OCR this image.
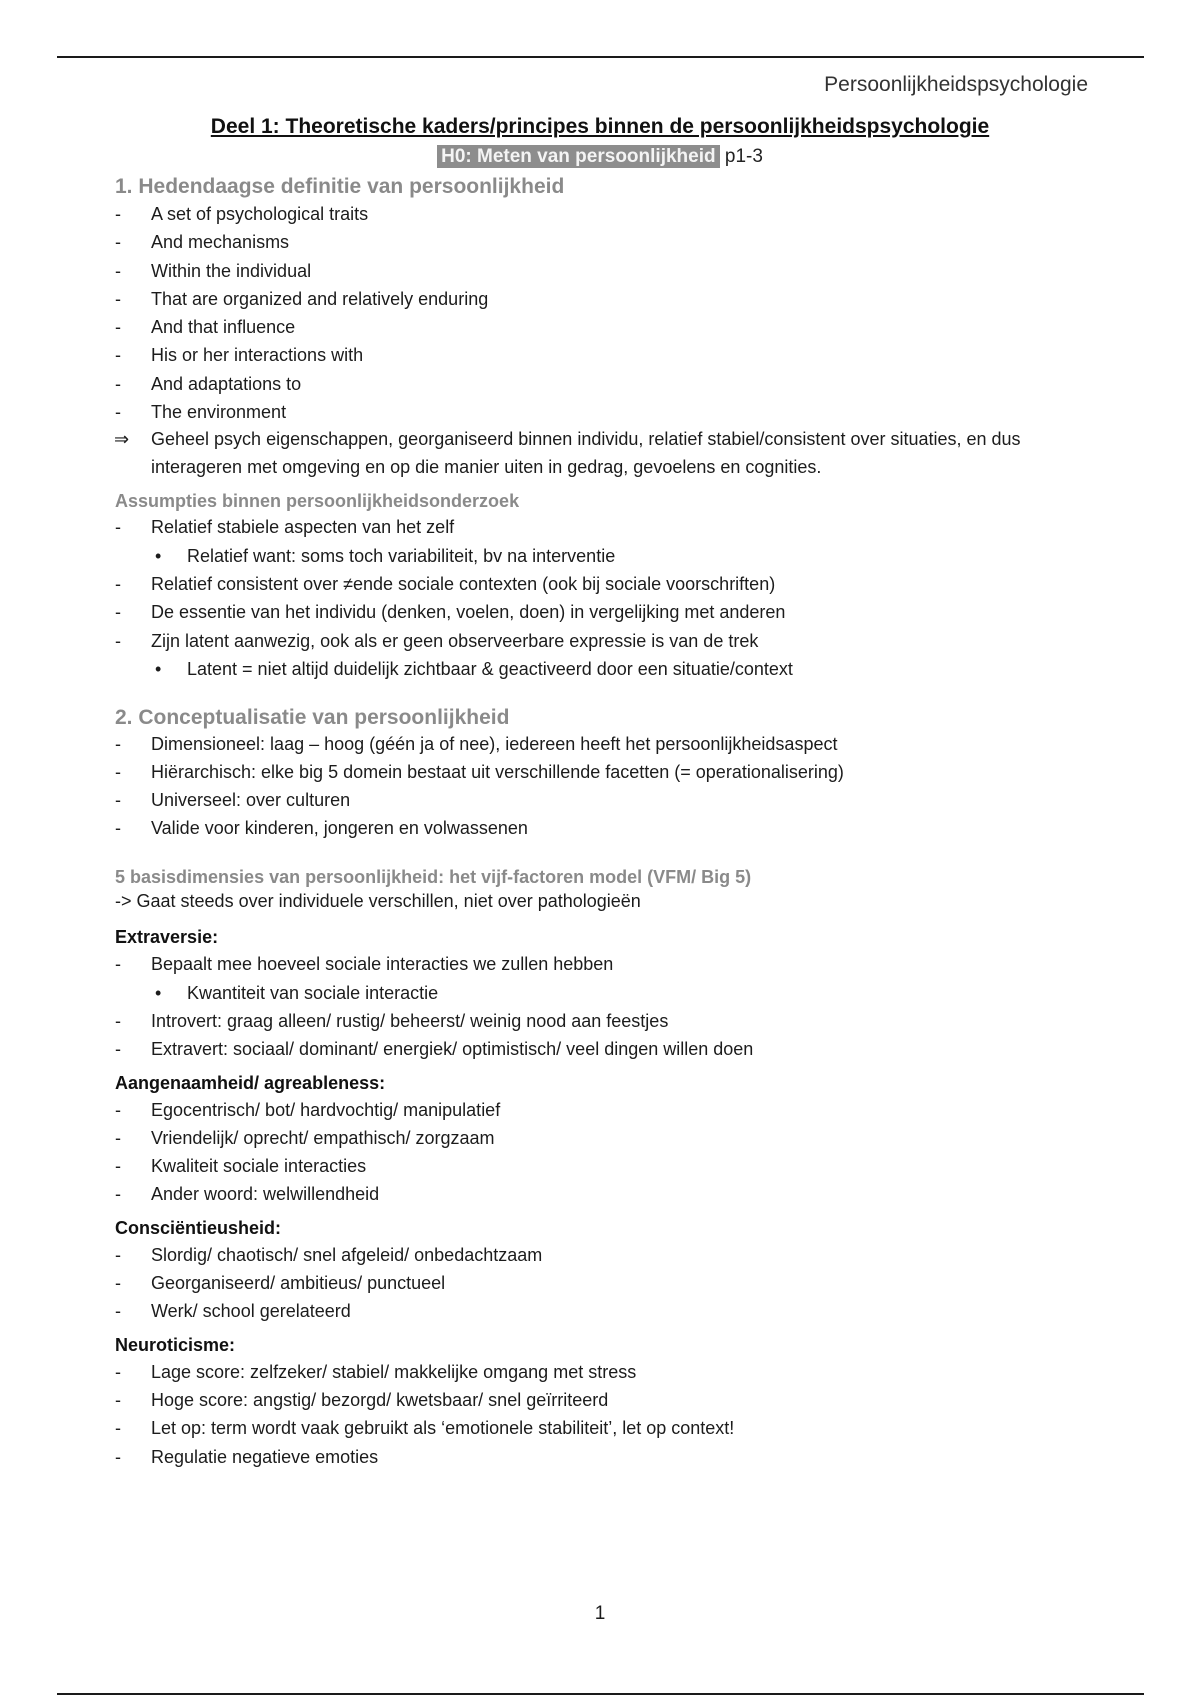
Persoonlijkheidspsychologie
Deel 1: Theoretische kaders/principes binnen de persoonlijkheidspsychologie
H0: Meten van persoonlijkheid p1-3

1. Hedendaagse definitie van persoonlijkheid

- A set of psychological traits
- And mechanisms
- Within the individual
- That are organized and relatively enduring
- And that influence
- His or her interactions with
- And adaptations to
- The environment
⇒ Geheel psych eigenschappen, georganiseerd binnen individu, relatief stabiel/consistent over situaties, en dus interageren met omgeving en op die manier uiten in gedrag, gevoelens en cognities.

Assumpties binnen persoonlijkheidsonderzoek

- Relatief stabiele aspecten van het zelf
• Relatief want: soms toch variabiliteit, bv na interventie
- Relatief consistent over ≠ende sociale contexten (ook bij sociale voorschriften)
- De essentie van het individu (denken, voelen, doen) in vergelijking met anderen
- Zijn latent aanwezig, ook als er geen observeerbare expressie is van de trek
• Latent = niet altijd duidelijk zichtbaar & geactiveerd door een situatie/context

2. Conceptualisatie van persoonlijkheid

- Dimensioneel: laag – hoog (géén ja of nee), iedereen heeft het persoonlijkheidsaspect
- Hiërarchisch: elke big 5 domein bestaat uit verschillende facetten (= operationalisering)
- Universeel: over culturen
- Valide voor kinderen, jongeren en volwassenen

5 basisdimensies van persoonlijkheid: het vijf-factoren model (VFM/ Big 5)

-> Gaat steeds over individuele verschillen, niet over pathologieën

Extraversie:

- Bepaalt mee hoeveel sociale interacties we zullen hebben
• Kwantiteit van sociale interactie
- Introvert: graag alleen/ rustig/ beheerst/ weinig nood aan feestjes
- Extravert: sociaal/ dominant/ energiek/ optimistisch/ veel dingen willen doen

Aangenaamheid/ agreableness:

- Egocentrisch/ bot/ hardvochtig/ manipulatief
- Vriendelijk/ oprecht/ empathisch/ zorgzaam
- Kwaliteit sociale interacties
- Ander woord: welwillendheid

Consciëntieusheid:

- Slordig/ chaotisch/ snel afgeleid/ onbedachtzaam
- Georganiseerd/ ambitieus/ punctueel
- Werk/ school gerelateerd

Neuroticisme:

- Lage score: zelfzeker/ stabiel/ makkelijke omgang met stress
- Hoge score: angstig/ bezorgd/ kwetsbaar/ snel geïrriteerd
- Let op: term wordt vaak gebruikt als ‘emotionele stabiliteit’, let op context!
- Regulatie negatieve emoties
1
